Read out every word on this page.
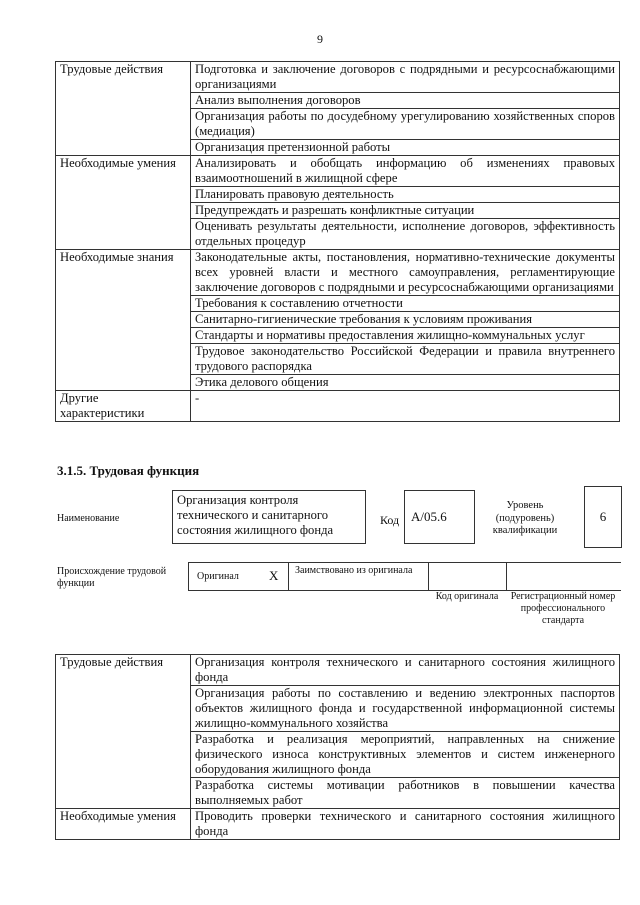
9
Трудовые действия	Подготовка и заключение договоров с подрядными и ресурсоснабжающими организациями
	Анализ выполнения договоров
	Организация работы по досудебному урегулированию хозяйственных споров (медиация)
	Организация претензионной работы
Необходимые умения	Анализировать и обобщать информацию об изменениях правовых взаимоотношений в жилищной сфере
	Планировать правовую деятельность
	Предупреждать и разрешать конфликтные ситуации
	Оценивать результаты деятельности, исполнение договоров, эффективность отдельных процедур
Необходимые знания	Законодательные акты, постановления, нормативно-технические документы всех уровней власти и местного самоуправления, регламентирующие заключение договоров с подрядными и ресурсоснабжающими организациями
	Требования к составлению отчетности
	Санитарно-гигиенические требования к условиям проживания
	Стандарты и нормативы предоставления жилищно-коммунальных услуг
	Трудовое законодательство Российской Федерации и правила внутреннего трудового распорядка
	Этика делового общения
Другие характеристики	-
3.1.5. Трудовая функция
Наименование
Организация контроля технического и санитарного состояния жилищного фонда
Код А/05.6
Уровень (подуровень) квалификации
6
Происхождение трудовой функции
Оригинал X Заимствовано из оригинала
Код оригинала	Регистрационный номер профессионального стандарта
Трудовые действия	Организация контроля технического и санитарного состояния жилищного фонда
	Организация работы по составлению и ведению электронных паспортов объектов жилищного фонда и государственной информационной системы жилищно-коммунального хозяйства
	Разработка и реализация мероприятий, направленных на снижение физического износа конструктивных элементов и систем инженерного оборудования жилищного фонда
	Разработка системы мотивации работников в повышении качества выполняемых работ
Необходимые умения	Проводить проверки технического и санитарного состояния жилищного фонда
